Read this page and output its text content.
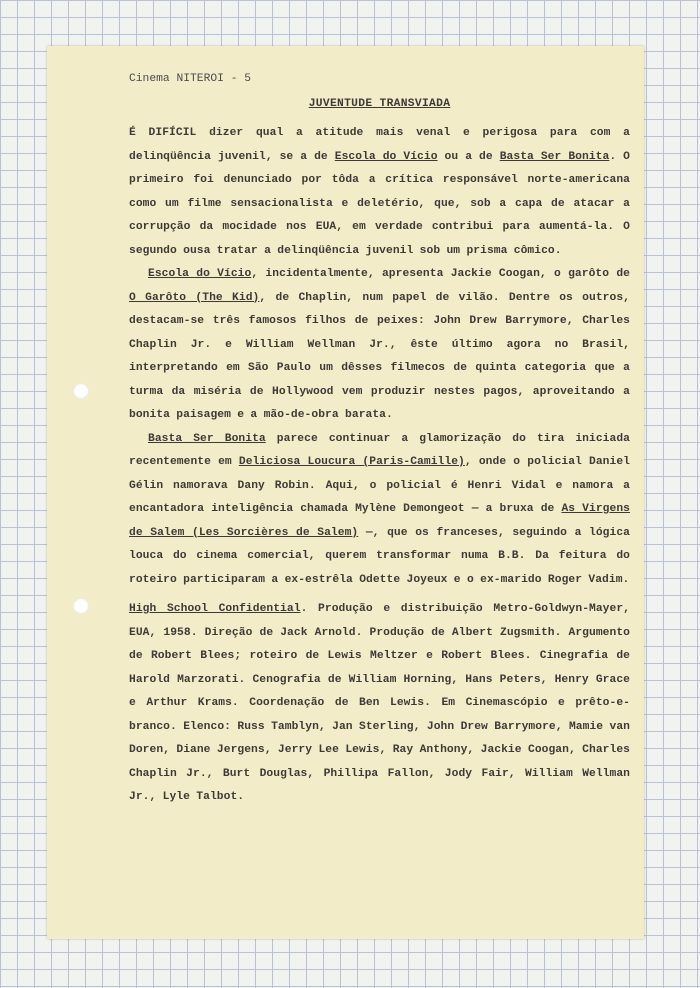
Cinema NITEROI - 5
JUVENTUDE TRANSVIADA

É DIFÍCIL dizer qual a atitude mais venal e perigosa para com a delinqüência juvenil, se a de Escola do Vício ou a de Basta Ser Bonita. O primeiro foi denunciado por tôda a crítica responsável norte-americana como um filme sensacionalista e deletério, que, sob a capa de atacar a corrupção da mocidade nos EUA, em verdade contribui para aumentá-la. O segundo ousa tratar a delinqüência juvenil sob um prisma cômico.

Escola do Vício, incidentalmente, apresenta Jackie Coogan, o garôto de O Garôto (The Kid), de Chaplin, num papel de vilão. Dentre os outros, destacam-se três famosos filhos de peixes: John Drew Barrymore, Charles Chaplin Jr. e William Wellman Jr., êste último agora no Brasil, interpretando em São Paulo um dêsses filmecos de quinta categoria que a turma da miséria de Hollywood vem produzir nestes pagos, aproveitando a bonita paisagem e a mão-de-obra barata.

Basta Ser Bonita parece continuar a glamorização do tira iniciada recentemente em Deliciosa Loucura (Paris-Camille), onde o policial Daniel Gélin namorava Dany Robin. Aqui, o policial é Henri Vidal e namora a encantadora inteligência chamada Mylène Demongeot — a bruxa de As Virgens de Salem (Les Sorcières de Salem) —, que os franceses, seguindo a lógica louca do cinema comercial, querem transformar numa B.B. Da feitura do roteiro participaram a ex-estrêla Odette Joyeux e o ex-marido Roger Vadim.

High School Confidential. Produção e distribuição Metro-Goldwyn-Mayer, EUA, 1958. Direção de Jack Arnold. Produção de Albert Zugsmith. Argumento de Robert Blees; roteiro de Lewis Meltzer e Robert Blees. Cinegrafia de Harold Marzorati. Cenografia de William Horning, Hans Peters, Henry Grace e Arthur Krams. Coordenação de Ben Lewis. Em Cinemascópio e prêto-e-branco. Elenco: Russ Tamblyn, Jan Sterling, John Drew Barrymore, Mamie van Doren, Diane Jergens, Jerry Lee Lewis, Ray Anthony, Jackie Coogan, Charles Chaplin Jr., Burt Douglas, Phillipa Fallon, Jody Fair, William Wellman Jr., Lyle Talbot.
